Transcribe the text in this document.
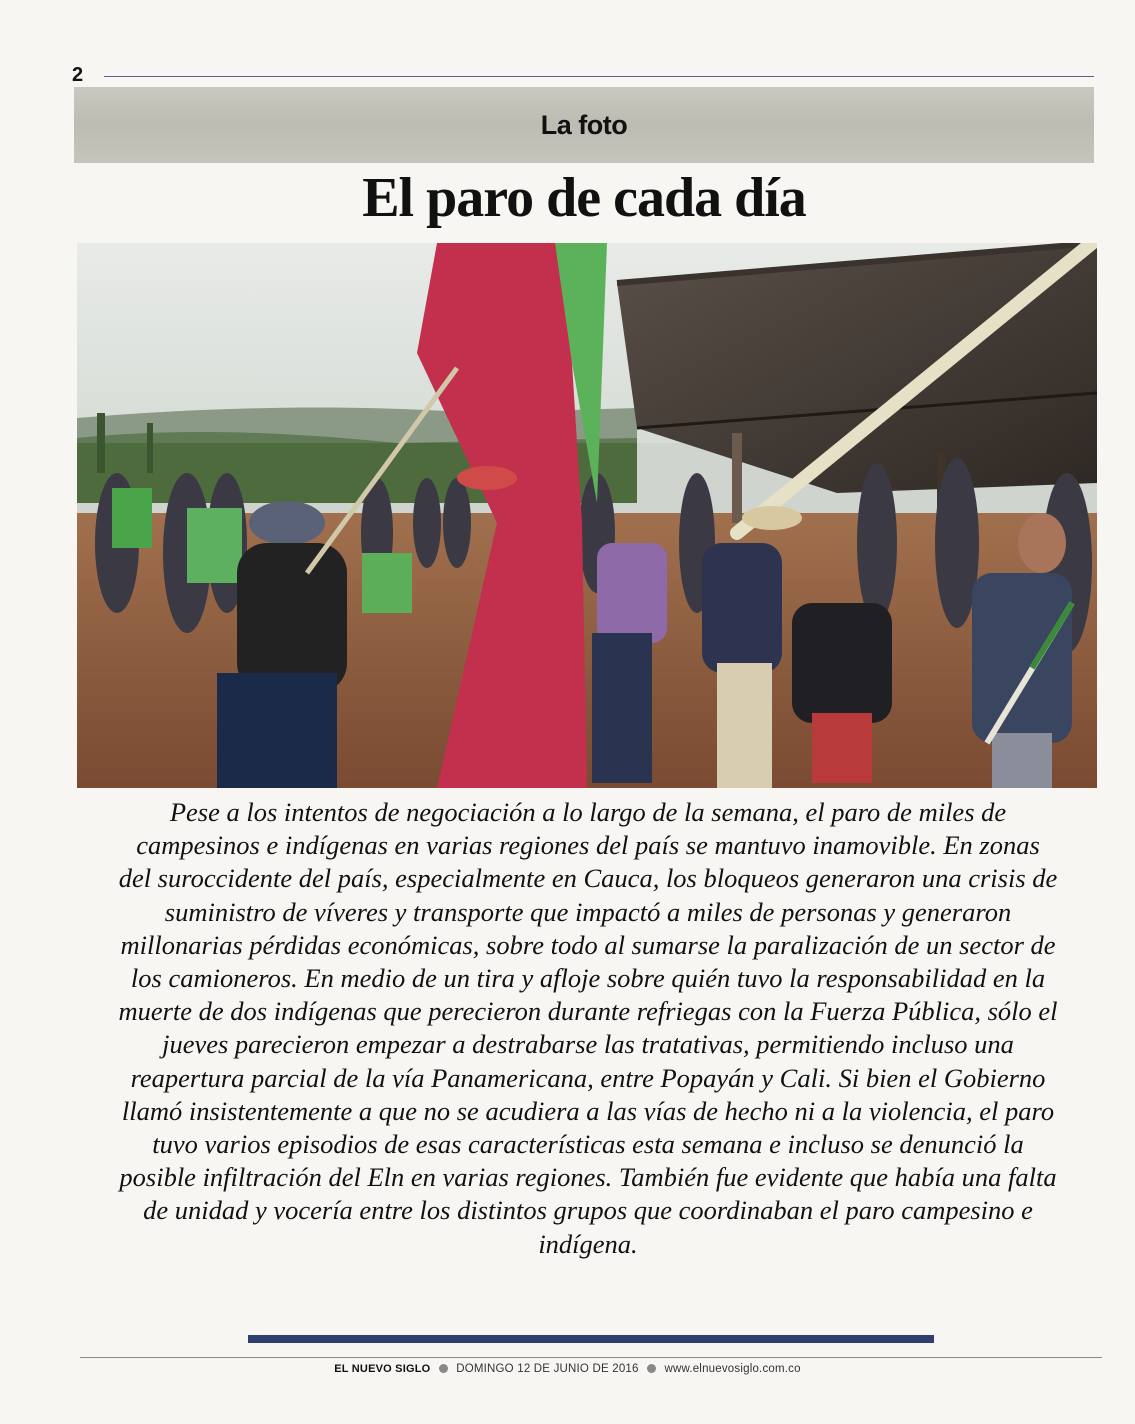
2
La foto
El paro de cada día

Pese a los intentos de negociación a lo largo de la semana, el paro de miles de campesinos e indígenas en varias regiones del país se mantuvo inamovible. En zonas del suroccidente del país, especialmente en Cauca, los bloqueos generaron una crisis de suministro de víveres y transporte que impactó a miles de personas y generaron millonarias pérdidas económicas, sobre todo al sumarse la paralización de un sector de los camioneros. En medio de un tira y afloje sobre quién tuvo la responsabilidad en la muerte de dos indígenas que perecieron durante refriegas con la Fuerza Pública, sólo el jueves parecieron empezar a destrabarse las tratativas, permitiendo incluso una reapertura parcial de la vía Panamericana, entre Popayán y Cali. Si bien el Gobierno llamó insistentemente a que no se acudiera a las vías de hecho ni a la violencia, el paro tuvo varios episodios de esas características esta semana e incluso se denunció la posible infiltración del Eln en varias regiones. También fue evidente que había una falta de unidad y vocería entre los distintos grupos que coordinaban el paro campesino e indígena.

EL NUEVO SIGLO DOMINGO 12 DE JUNIO DE 2016 www.elnuevosiglo.com.co
